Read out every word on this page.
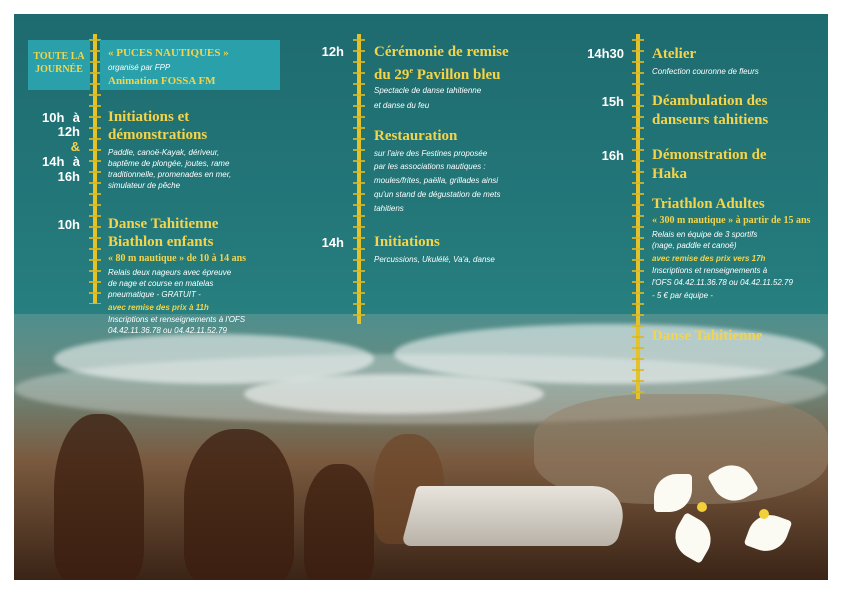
TOUTE LA
JOURNÉE
« PUCES NAUTIQUES »
organisé par FPP
Animation FOSSA FM
10h à
12h
&
14h à
16h
Initiations et
démonstrations
Paddle, canoë-Kayak, dériveur,
baptême de plongée, joutes, rame
traditionnelle, promenades en mer,
simulateur de pêche
10h Danse Tahitienne
Biathlon enfants
« 80 m nautique » de 10 à 14 ans
Relais deux nageurs avec épreuve
de nage et course en matelas
pneumatique - GRATUIT -
avec remise des prix à 11h
Inscriptions et renseignements à l'OFS
04.42.11.36.78 ou 04.42.11.52.79
12h Cérémonie de remise
du 29e Pavillon bleu
Spectacle de danse tahitienne
et danse du feu
Restauration
sur l'aire des Festines proposée
par les associations nautiques :
moules/frites, paëlla, grillades ainsi
qu'un stand de dégustation de mets
tahitiens
14h Initiations
Percussions, Ukulélé, Va'a, danse
14h30 Atelier
Confection couronne de fleurs
15h Déambulation des
danseurs tahitiens
16h Démonstration de
Haka
Triathlon Adultes
« 300 m nautique » à partir de 15 ans
Relais en équipe de 3 sportifs
(nage, paddle et canoë)
avec remise des prix vers 17h
Inscriptions et renseignements à
l'OFS 04.42.11.36.78 ou 04.42.11.52.79
- 5 € par équipe -
Danse Tahitienne
